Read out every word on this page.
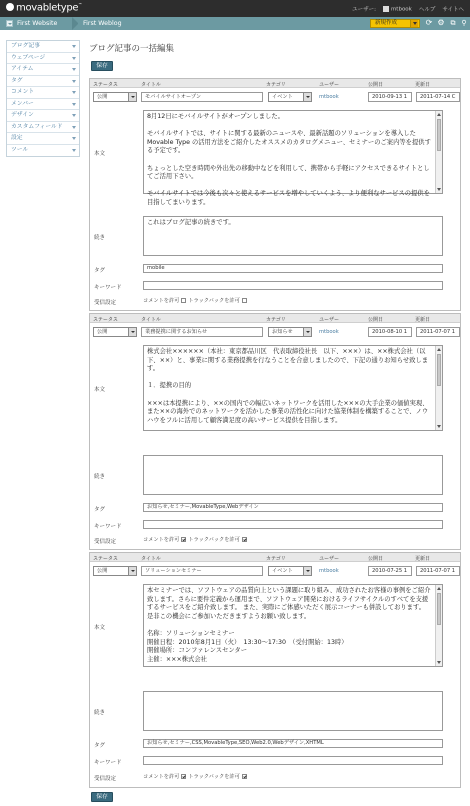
movabletype™
ユーザー:	mtbook ヘルプ サイトへ
First Website	First Weblog	新規作成	⟳ ⚙ ⧉ ⚲
ブログ記事
ウェブページ
アイテム
タグ
コメント
メンバー
デザイン
カスタムフィールド
設定
ツール
ブログ記事の一括編集
保存
ステータス	タイトル	カテゴリ	ユーザー	公開日	更新日
公開	モバイルサイトオープン	イベント	mtbook	2010-09-13 1	2011-07-14 C
本文

8月12日にモバイルサイトがオープンしました。

モバイルサイトでは、サイトに関する最新のニュースや、最新話題のソリューションを導入した Movable Type の活用方法をご紹介したオススメのカタログメニュー、セミナーのご案内等を提供する予定です。

ちょっとした空き時間や外出先の移動中などを利用して、携帯から手軽にアクセスできるサイトとしてご活用下さい。

モバイルサイトでは今後も次々と使えるサービスを増やしていくよう、より便利なサービスの提供を目指してまいります。

続き

これはブログ記事の続きです。

タグ	mobile
キーワード
受信設定	コメントを許可 トラックバックを許可
ステータス	タイトル	カテゴリ	ユーザー	公開日	更新日
公開	業務提携に関するお知らせ	お知らせ	mtbook	2010-08-10 1	2011-07-07 1
本文

株式会社××××××（本社：東京都品川区　代表取締役社長　以下、×××）は、××株式会社（以下、××）と、事業に関する業務提携を行なうことを合意しましたので、下記の通りお知らせ致します。

１．提携の目的

×××は本提携により、××の国内での幅広いネットワークを活用した×××の大手企業の価値実現、また××の海外でのネットワークを活かした事業の活性化に向けた協業体制を構築することで、ノウハウをフルに活用して顧客満足度の高いサービス提供を目指します。

続き

タグ	お知らせ,セミナー,MovableType,Webデザイン
キーワード
受信設定	コメントを許可 トラックバックを許可
ステータス	タイトル	カテゴリ	ユーザー	公開日	更新日
公開	ソリューションセミナー	イベント	mtbook	2010-07-25 1	2011-07-07 1
本文

本セミナーでは、ソフトウェアの品質向上という課題に取り組み、成功されたお客様の事例をご紹介致します。さらに要件定義から運用まで、ソフトウェア開発におけるライフサイクルのすべてを支援するサービスをご紹介致します。 また、実際にご体感いただく展示コーナーも併設しております。
是非この機会にご参加いただきますようお願い致します。

名称：ソリューションセミナー
開催日程：2010年8月1日（火）　13:30～17:30　（受付開始：13時）
開催場所：コンファレンスセンター
主催：×××株式会社

続き

タグ	お知らせ,セミナー,CSS,MovableType,SEO,Web2.0,Webデザイン,XHTML
キーワード
受信設定	コメントを許可 トラックバックを許可
保存
